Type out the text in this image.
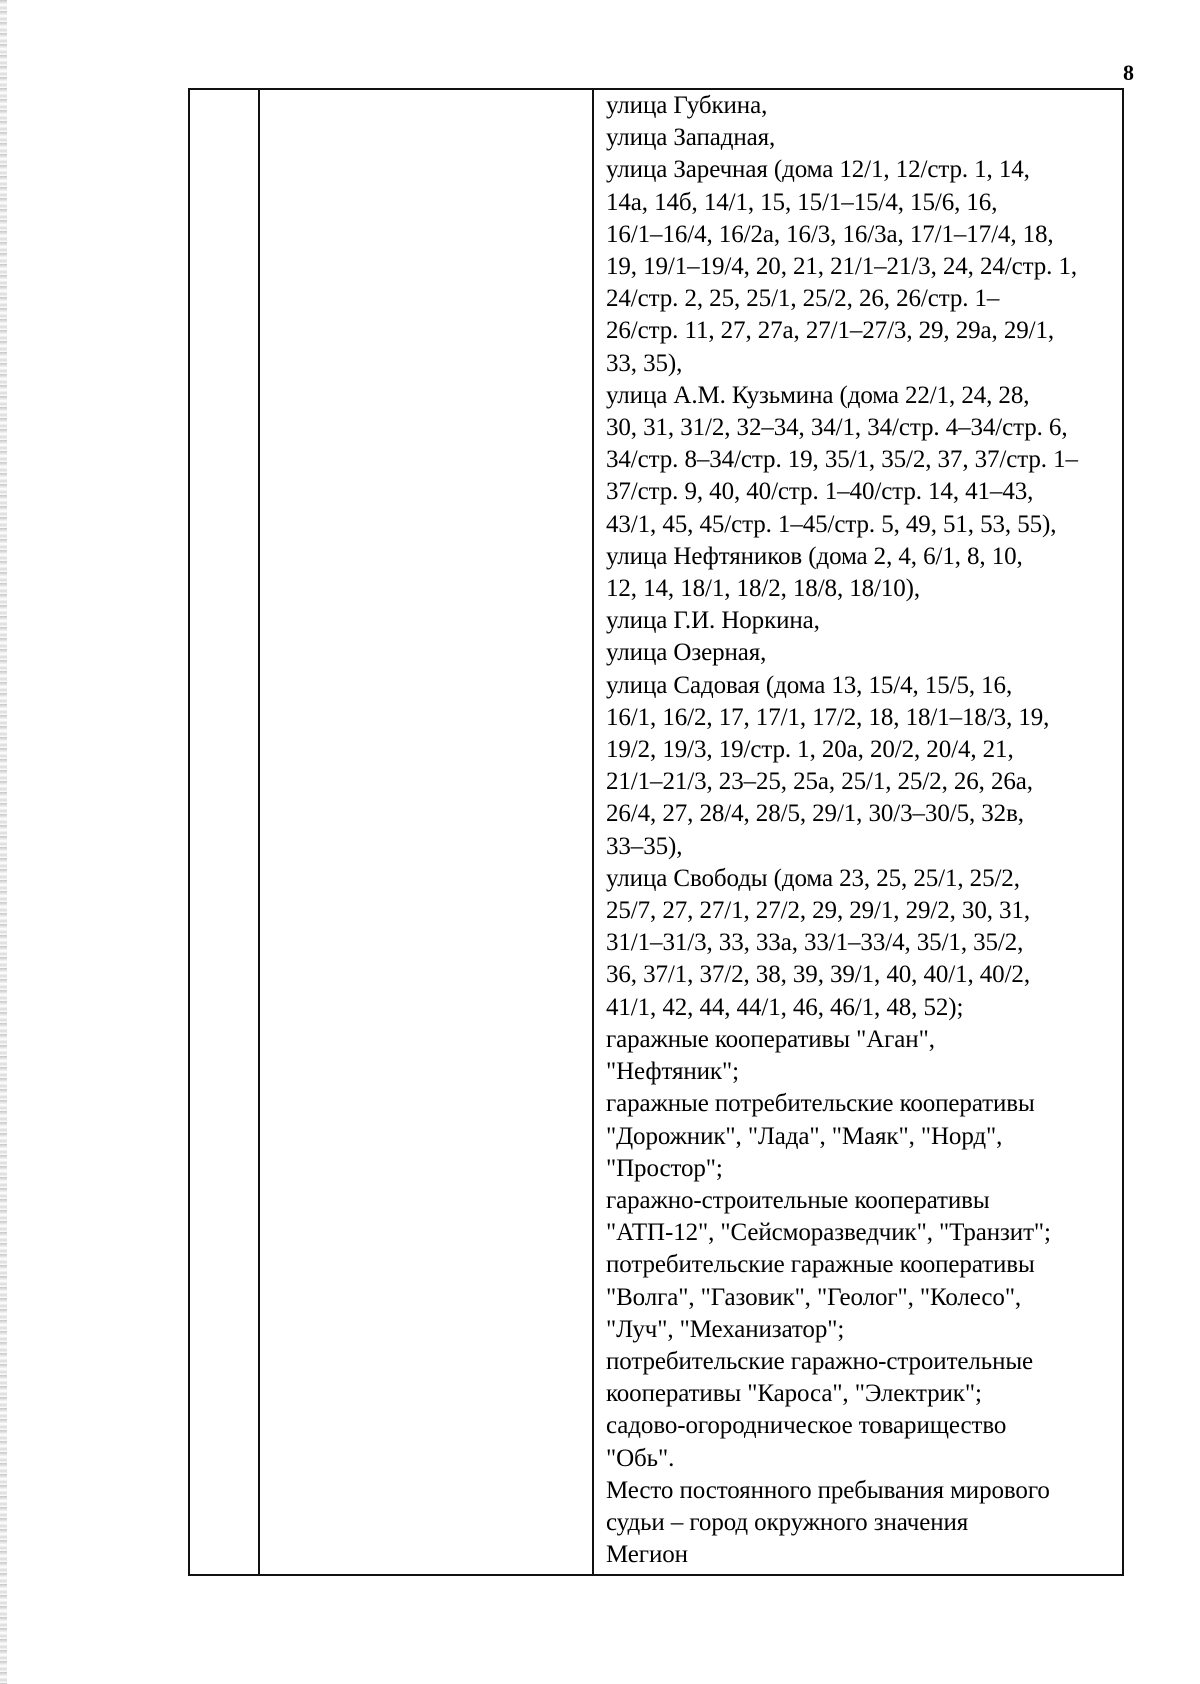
8
улица Губкина,
улица Западная,
улица Заречная (дома 12/1, 12/стр. 1, 14,
14а, 14б, 14/1, 15, 15/1–15/4, 15/6, 16,
16/1–16/4, 16/2а, 16/3, 16/3а, 17/1–17/4, 18,
19, 19/1–19/4, 20, 21, 21/1–21/3, 24, 24/стр. 1,
24/стр. 2, 25, 25/1, 25/2, 26, 26/стр. 1–
26/стр. 11, 27, 27а, 27/1–27/3, 29, 29а, 29/1,
33, 35),
улица А.М. Кузьмина (дома 22/1, 24, 28,
30, 31, 31/2, 32–34, 34/1, 34/стр. 4–34/стр. 6,
34/стр. 8–34/стр. 19, 35/1, 35/2, 37, 37/стр. 1–
37/стр. 9, 40, 40/стр. 1–40/стр. 14, 41–43,
43/1, 45, 45/стр. 1–45/стр. 5, 49, 51, 53, 55),
улица Нефтяников (дома 2, 4, 6/1, 8, 10,
12, 14, 18/1, 18/2, 18/8, 18/10),
улица Г.И. Норкина,
улица Озерная,
улица Садовая (дома 13, 15/4, 15/5, 16,
16/1, 16/2, 17, 17/1, 17/2, 18, 18/1–18/3, 19,
19/2, 19/3, 19/стр. 1, 20а, 20/2, 20/4, 21,
21/1–21/3, 23–25, 25а, 25/1, 25/2, 26, 26а,
26/4, 27, 28/4, 28/5, 29/1, 30/3–30/5, 32в,
33–35),
улица Свободы (дома 23, 25, 25/1, 25/2,
25/7, 27, 27/1, 27/2, 29, 29/1, 29/2, 30, 31,
31/1–31/3, 33, 33а, 33/1–33/4, 35/1, 35/2,
36, 37/1, 37/2, 38, 39, 39/1, 40, 40/1, 40/2,
41/1, 42, 44, 44/1, 46, 46/1, 48, 52);
гаражные кооперативы "Аган",
"Нефтяник";
гаражные потребительские кооперативы
"Дорожник", "Лада", "Маяк", "Норд",
"Простор";
гаражно-строительные кооперативы
"АТП-12", "Сейсморазведчик", "Транзит";
потребительские гаражные кооперативы
"Волга", "Газовик", "Геолог", "Колесо",
"Луч", "Механизатор";
потребительские гаражно-строительные
кооперативы "Кароса", "Электрик";
садово-огородническое товарищество
"Обь".
Место постоянного пребывания мирового
судьи – город окружного значения
Мегион
